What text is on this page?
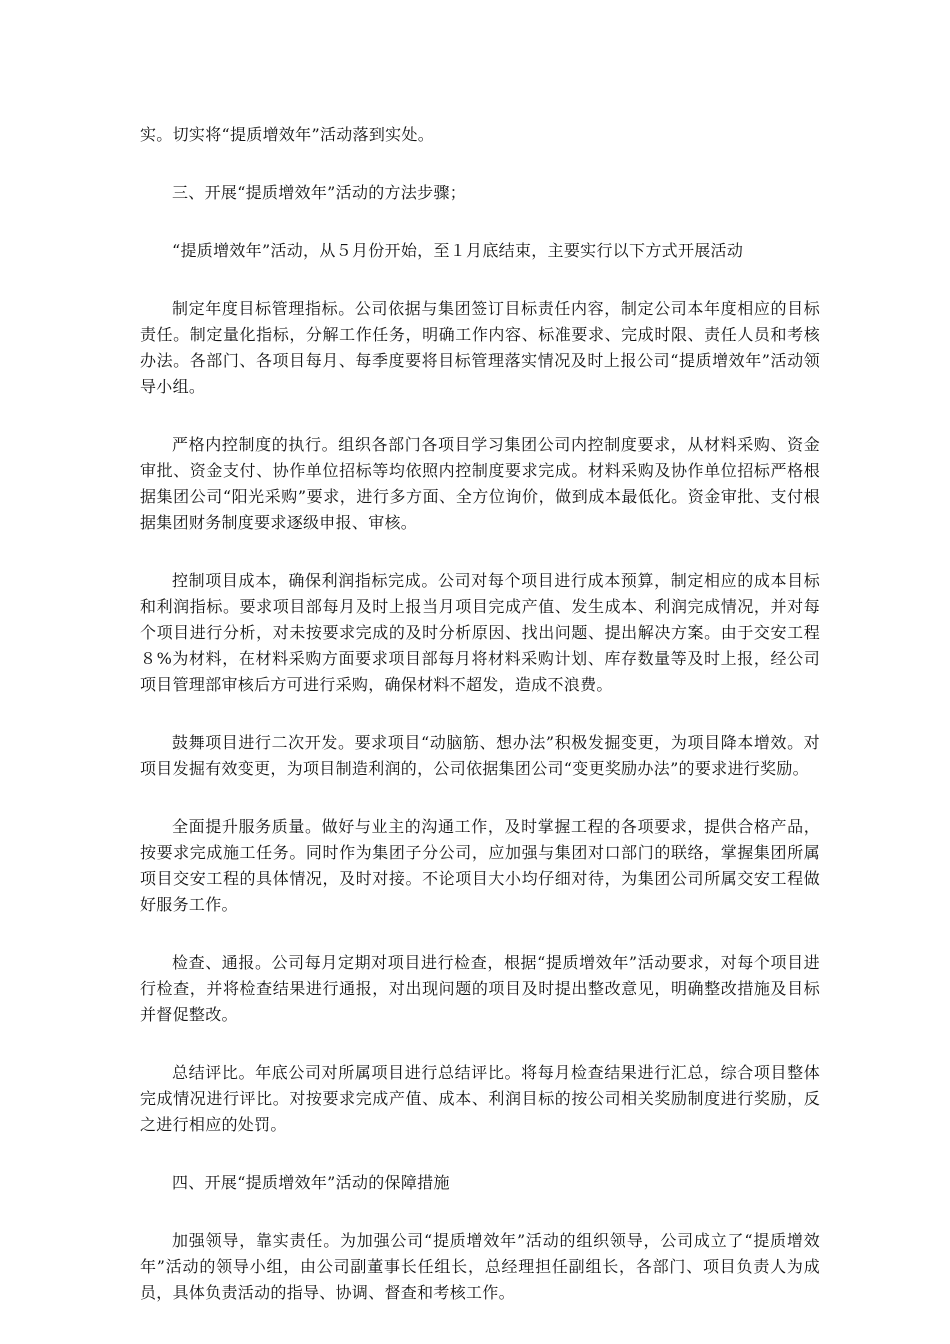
实。切实将“提质增效年”活动落到实处。

三、开展“提质增效年”活动的方法步骤；

“提质增效年”活动，从５月份开始，至１月底结束，主要实行以下方式开展活动

制定年度目标管理指标。公司依据与集团签订目标责任内容，制定公司本年度相应的目标责任。制定量化指标，分解工作任务，明确工作内容、标准要求、完成时限、责任人员和考核办法。各部门、各项目每月、每季度要将目标管理落实情况及时上报公司“提质增效年”活动领导小组。

严格内控制度的执行。组织各部门各项目学习集团公司内控制度要求，从材料采购、资金审批、资金支付、协作单位招标等均依照内控制度要求完成。材料采购及协作单位招标严格根据集团公司“阳光采购”要求，进行多方面、全方位询价，做到成本最低化。资金审批、支付根据集团财务制度要求逐级申报、审核。

控制项目成本，确保利润指标完成。公司对每个项目进行成本预算，制定相应的成本目标和利润指标。要求项目部每月及时上报当月项目完成产值、发生成本、利润完成情况，并对每个项目进行分析，对未按要求完成的及时分析原因、找出问题、提出解决方案。由于交安工程８%为材料，在材料采购方面要求项目部每月将材料采购计划、库存数量等及时上报，经公司项目管理部审核后方可进行采购，确保材料不超发，造成不浪费。

鼓舞项目进行二次开发。要求项目“动脑筋、想办法”积极发掘变更，为项目降本增效。对项目发掘有效变更，为项目制造利润的，公司依据集团公司“变更奖励办法”的要求进行奖励。

全面提升服务质量。做好与业主的沟通工作，及时掌握工程的各项要求，提供合格产品，按要求完成施工任务。同时作为集团子分公司，应加强与集团对口部门的联络，掌握集团所属项目交安工程的具体情况，及时对接。不论项目大小均仔细对待，为集团公司所属交安工程做好服务工作。

检查、通报。公司每月定期对项目进行检查，根据“提质增效年”活动要求，对每个项目进行检查，并将检查结果进行通报，对出现问题的项目及时提出整改意见，明确整改措施及目标并督促整改。

总结评比。年底公司对所属项目进行总结评比。将每月检查结果进行汇总，综合项目整体完成情况进行评比。对按要求完成产值、成本、利润目标的按公司相关奖励制度进行奖励，反之进行相应的处罚。

四、开展“提质增效年”活动的保障措施

加强领导，靠实责任。为加强公司“提质增效年”活动的组织领导，公司成立了“提质增效年”活动的领导小组，由公司副董事长任组长，总经理担任副组长，各部门、项目负责人为成员，具体负责活动的指导、协调、督查和考核工作。
